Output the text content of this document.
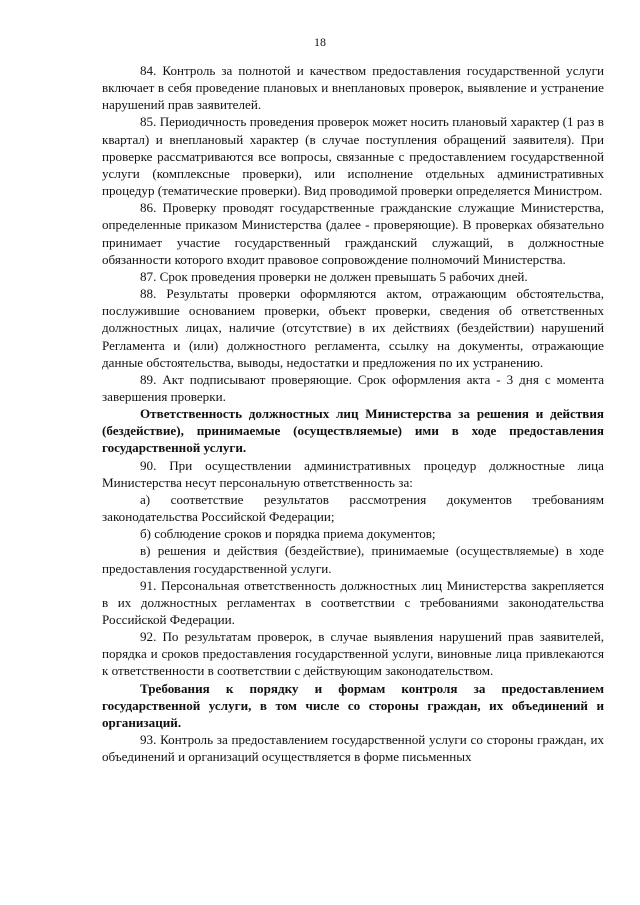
18

84. Контроль за полнотой и качеством предоставления государственной услуги включает в себя проведение плановых и внеплановых проверок, выявление и устранение нарушений прав заявителей.

85. Периодичность проведения проверок может носить плановый характер (1 раз в квартал) и внеплановый характер (в случае поступления обращений заявителя). При проверке рассматриваются все вопросы, связанные с предоставлением государственной услуги (комплексные проверки), или исполнение отдельных административных процедур (тематические проверки). Вид проводимой проверки определяется Министром.

86. Проверку проводят государственные гражданские служащие Министерства, определенные приказом Министерства (далее - проверяющие). В проверках обязательно принимает участие государственный гражданский служащий, в должностные обязанности которого входит правовое сопровождение полномочий Министерства.

87. Срок проведения проверки не должен превышать 5 рабочих дней.

88. Результаты проверки оформляются актом, отражающим обстоятельства, послужившие основанием проверки, объект проверки, сведения об ответственных должностных лицах, наличие (отсутствие) в их действиях (бездействии) нарушений Регламента и (или) должностного регламента, ссылку на документы, отражающие данные обстоятельства, выводы, недостатки и предложения по их устранению.

89. Акт подписывают проверяющие. Срок оформления акта - 3 дня с момента завершения проверки.

Ответственность должностных лиц Министерства за решения и действия (бездействие), принимаемые (осуществляемые) ими в ходе предоставления государственной услуги.

90. При осуществлении административных процедур должностные лица Министерства несут персональную ответственность за:

а) соответствие результатов рассмотрения документов требованиям законодательства Российской Федерации;

б) соблюдение сроков и порядка приема документов;

в) решения и действия (бездействие), принимаемые (осуществляемые) в ходе предоставления государственной услуги.

91. Персональная ответственность должностных лиц Министерства закрепляется в их должностных регламентах в соответствии с требованиями законодательства Российской Федерации.

92. По результатам проверок, в случае выявления нарушений прав заявителей, порядка и сроков предоставления государственной услуги, виновные лица привлекаются к ответственности в соответствии с действующим законодательством.

Требования к порядку и формам контроля за предоставлением государственной услуги, в том числе со стороны граждан, их объединений и организаций.

93. Контроль за предоставлением государственной услуги со стороны граждан, их объединений и организаций осуществляется в форме письменных
